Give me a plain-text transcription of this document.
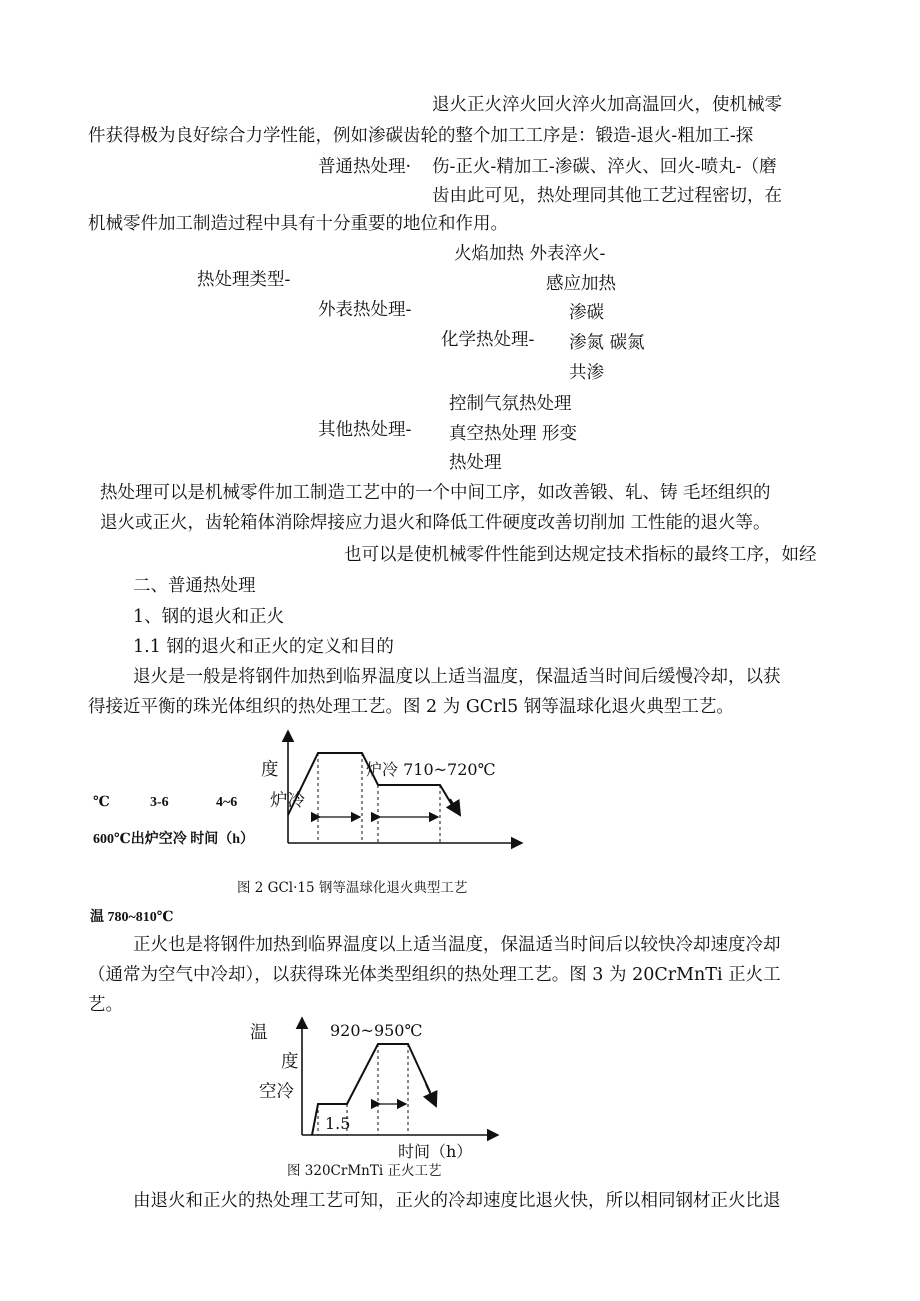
退火正火淬火回火淬火加高温回火，使机械零
件获得极为良好综合力学性能，例如渗碳齿轮的整个加工工序是：锻造-退火-粗加工-探
普通热处理· 伤-正火-精加工-渗碳、淬火、回火-喷丸-（磨
齿由此可见，热处理同其他工艺过程密切，在
机械零件加工制造过程中具有十分重要的地位和作用。
火焰加热 外表淬火-
感应加热
热处理类型-
渗碳
外表热处理-
化学热处理- 渗氮 碳氮
共渗
控制气氛热处理
其他热处理- 真空热处理 形变
热处理
热处理可以是机械零件加工制造工艺中的一个中间工序，如改善锻、轧、铸 毛坯组织的
退火或正火，齿轮箱体消除焊接应力退火和降低工件硬度改善切削加 工性能的退火等。
也可以是使机械零件性能到达规定技术指标的最终工序，如经
二、普通热处理
1、钢的退火和正火
1.1 钢的退火和正火的定义和目的
退火是一般是将钢件加热到临界温度以上适当温度，保温适当时间后缓慢冷却，以获
得接近平衡的珠光体组织的热处理工艺。图 2 为 GCrl5 钢等温球化退火典型工艺。
度	炉冷 710~720℃
炉冷
℃	3-6	4~6
600℃出炉空冷 时间（h）
图 2 GCl·15 钢等温球化退火典型工艺
温 780~810℃
正火也是将钢件加热到临界温度以上适当温度，保温适当时间后以较快冷却速度冷却
（通常为空气中冷却），以获得珠光体类型组织的热处理工艺。图 3 为 20CrMnTi 正火工
艺。
温	920~950℃
度
空冷
1.5
时间（h）
图 320CrMnTi 正火工艺
由退火和正火的热处理工艺可知，正火的冷却速度比退火快，所以相同钢材正火比退
